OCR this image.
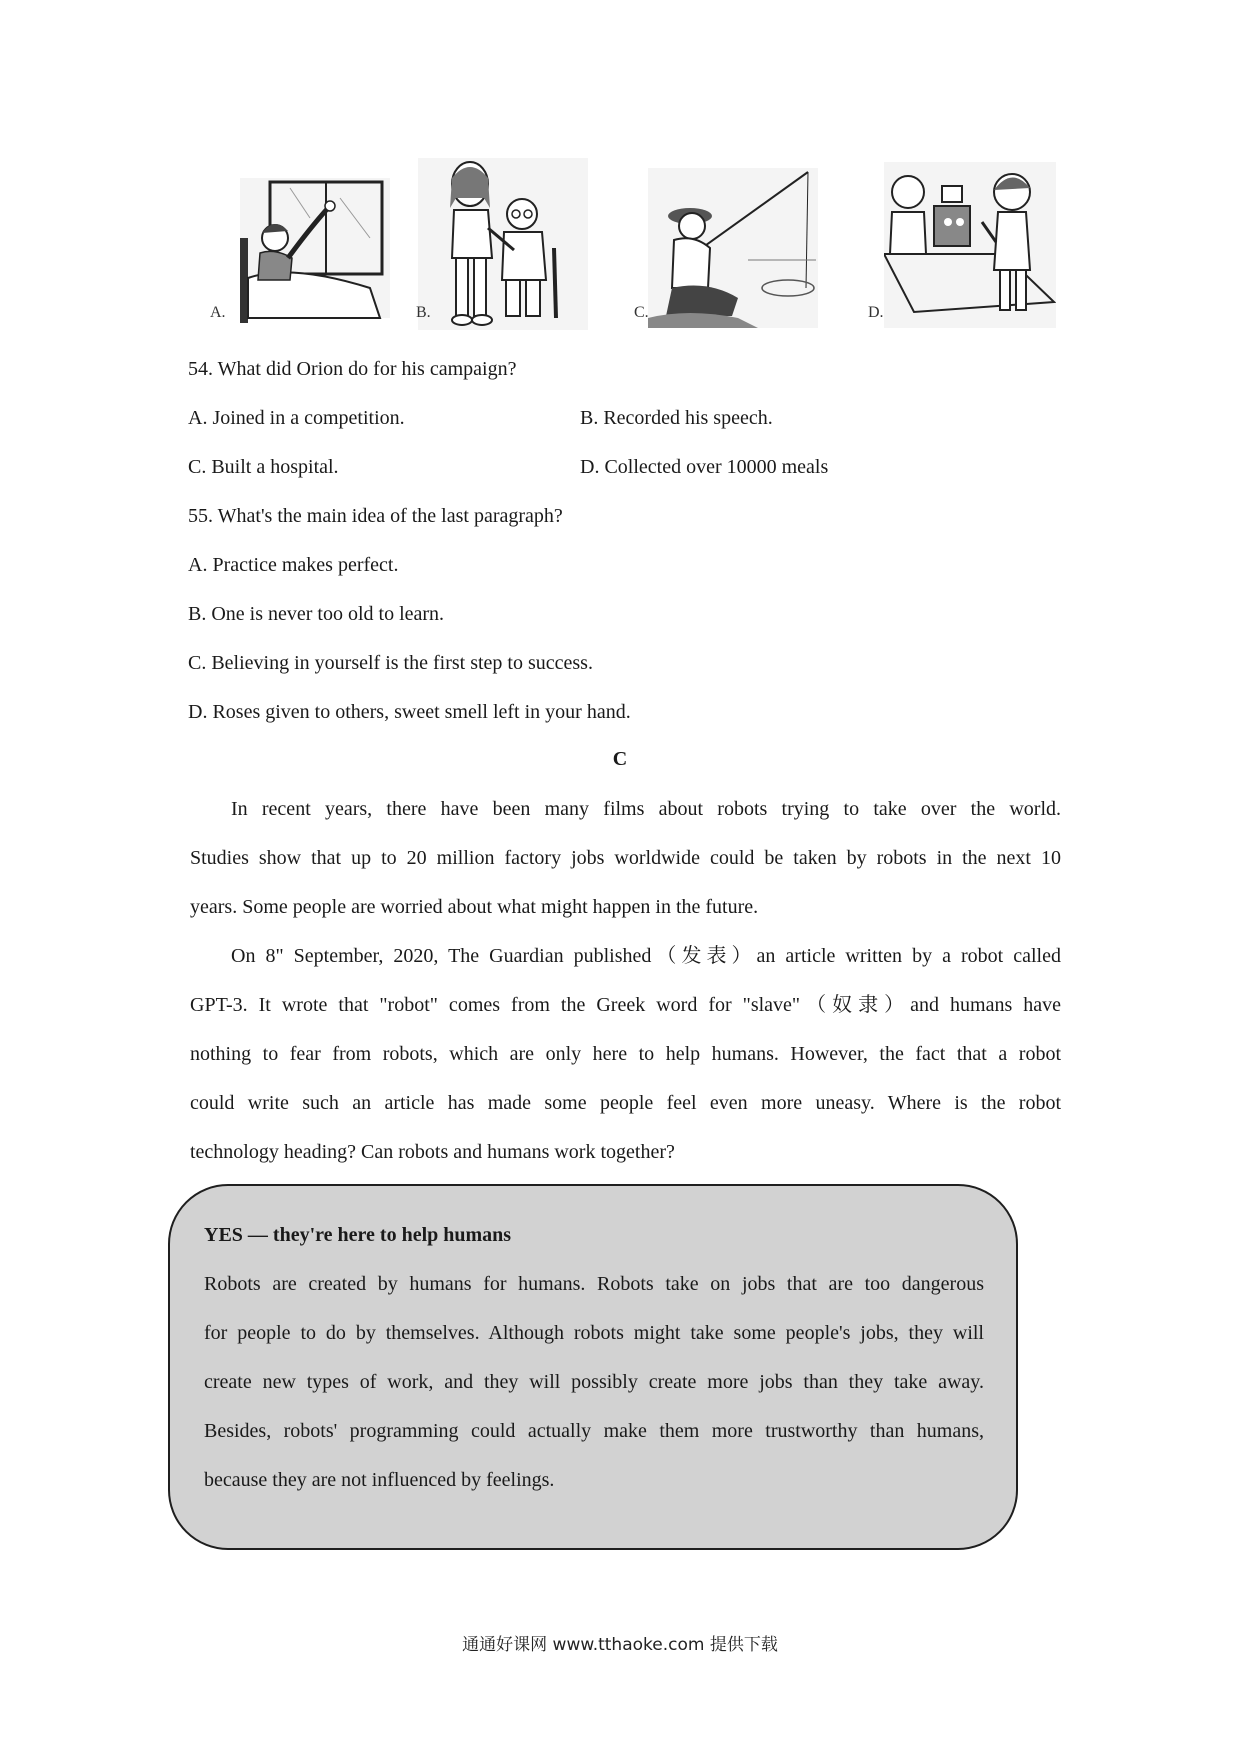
A.	B.	C.	D.
54. What did Orion do for his campaign?
A. Joined in a competition.	B. Recorded his speech.
C. Built a hospital.	D. Collected over 10000 meals
55. What's the main idea of the last paragraph?
A. Practice makes perfect.
B. One is never too old to learn.
C. Believing in yourself is the first step to success.
D. Roses given to others, sweet smell left in your hand.
C
In recent years, there have been many films about robots trying to take over the world.
Studies show that up to 20 million factory jobs worldwide could be taken by robots in the next 10
years. Some people are worried about what might happen in the future.
On 8" September, 2020, The Guardian published（发表）an article written by a robot called
GPT-3. It wrote that "robot" comes from the Greek word for "slave"（奴隶）and humans have
nothing to fear from robots, which are only here to help humans. However, the fact that a robot
could write such an article has made some people feel even more uneasy. Where is the robot
technology heading? Can robots and humans work together?
YES — they're here to help humans
Robots are created by humans for humans. Robots take on jobs that are too dangerous
for people to do by themselves. Although robots might take some people's jobs, they will
create new types of work, and they will possibly create more jobs than they take away.
Besides, robots' programming could actually make them more trustworthy than humans,
because they are not influenced by feelings.
通通好课网 www.tthaoke.com 提供下载
